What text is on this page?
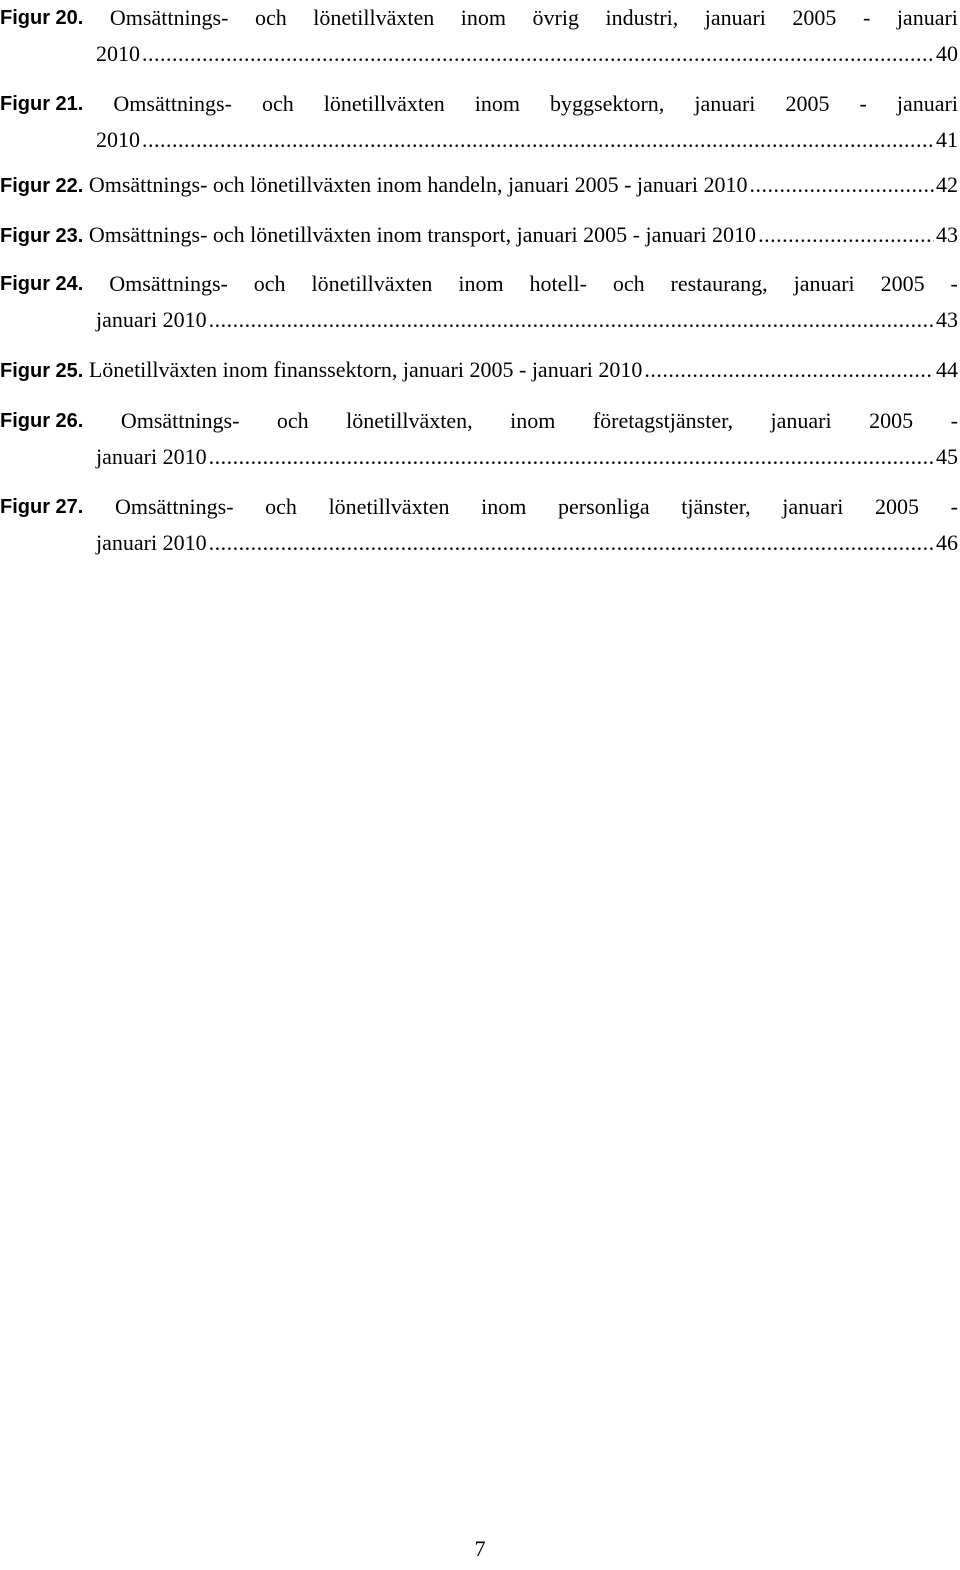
Figur 20. Omsättnings- och lönetillväxten inom övrig industri, januari 2005 - januari
2010 .....	40
Figur 21. Omsättnings- och lönetillväxten inom byggsektorn, januari 2005 - januari
2010 .....	41
Figur 22.
Omsättnings- och lönetillväxten inom handeln, januari 2005 - januari 2010 .....	42
Figur 23.
Omsättnings- och lönetillväxten inom transport, januari 2005 - januari 2010 .....	43
Figur 24. Omsättnings- och lönetillväxten inom hotell- och restaurang, januari 2005 -
januari 2010 .....	43
Figur 25.
Lönetillväxten inom finanssektorn, januari 2005 - januari 2010 .....	44
Figur 26. Omsättnings- och lönetillväxten, inom företagstjänster, januari 2005 -
januari 2010 .....	45
Figur 27. Omsättnings- och lönetillväxten inom personliga tjänster, januari 2005 -
januari 2010 .....	46
7
